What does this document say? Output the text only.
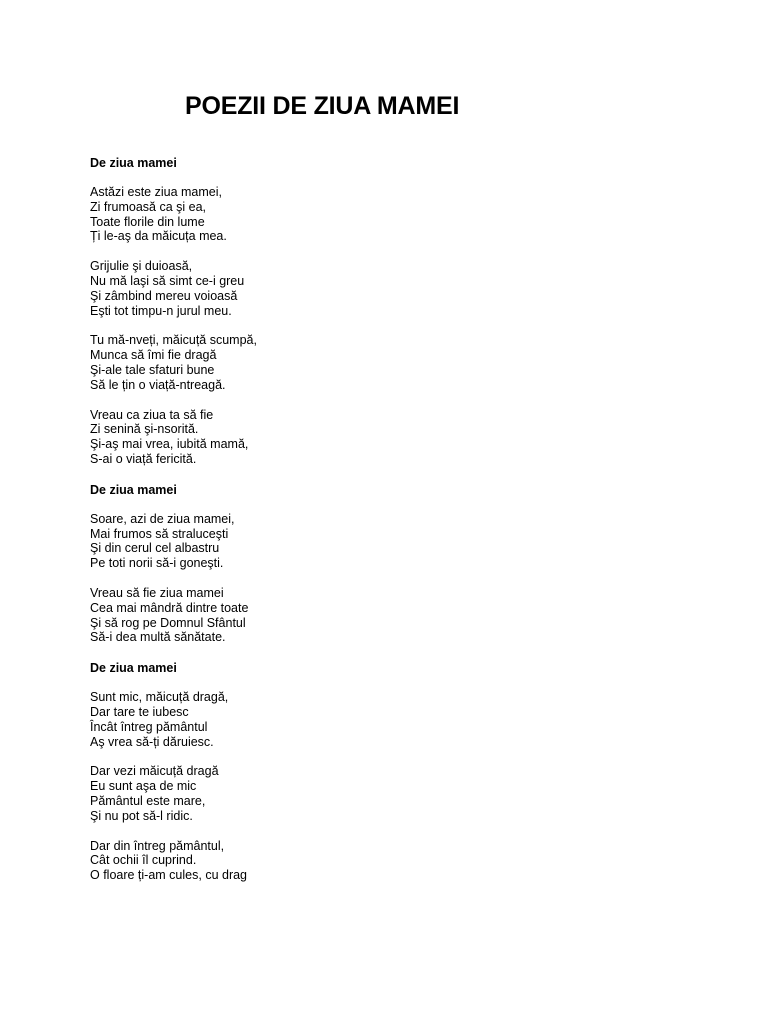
POEZII DE ZIUA MAMEI
De ziua mamei
Astăzi este ziua mamei,
Zi frumoasă ca şi ea,
Toate florile din lume
Ți le-aş da măicuța mea.
Grijulie şi duioasă,
Nu mă laşi să simt ce-i greu
Şi zâmbind mereu voioasă
Eşti tot timpu-n jurul meu.
Tu mă-nveți, măicuță scumpă,
Munca să îmi fie dragă
Şi-ale tale sfaturi bune
Să le țin o viață-ntreagă.
Vreau ca ziua ta să fie
Zi senină şi-nsorită.
Şi-aş mai vrea, iubită mamă,
S-ai o viață fericită.
De ziua mamei
Soare, azi de ziua mamei,
Mai frumos să straluceşti
Şi din cerul cel albastru
Pe toti norii să-i goneşti.
Vreau să fie ziua mamei
Cea mai mândră dintre toate
Şi să rog pe Domnul Sfântul
Să-i dea multă sănătate.
De ziua mamei
Sunt mic, măicuță dragă,
Dar tare te iubesc
Încât întreg pământul
Aş vrea să-ți dăruiesc.
Dar vezi măicuță dragă
Eu sunt aşa de mic
Pământul este mare,
Şi nu pot să-l ridic.
Dar din întreg pământul,
Cât ochii îl cuprind.
O floare ți-am cules, cu drag
